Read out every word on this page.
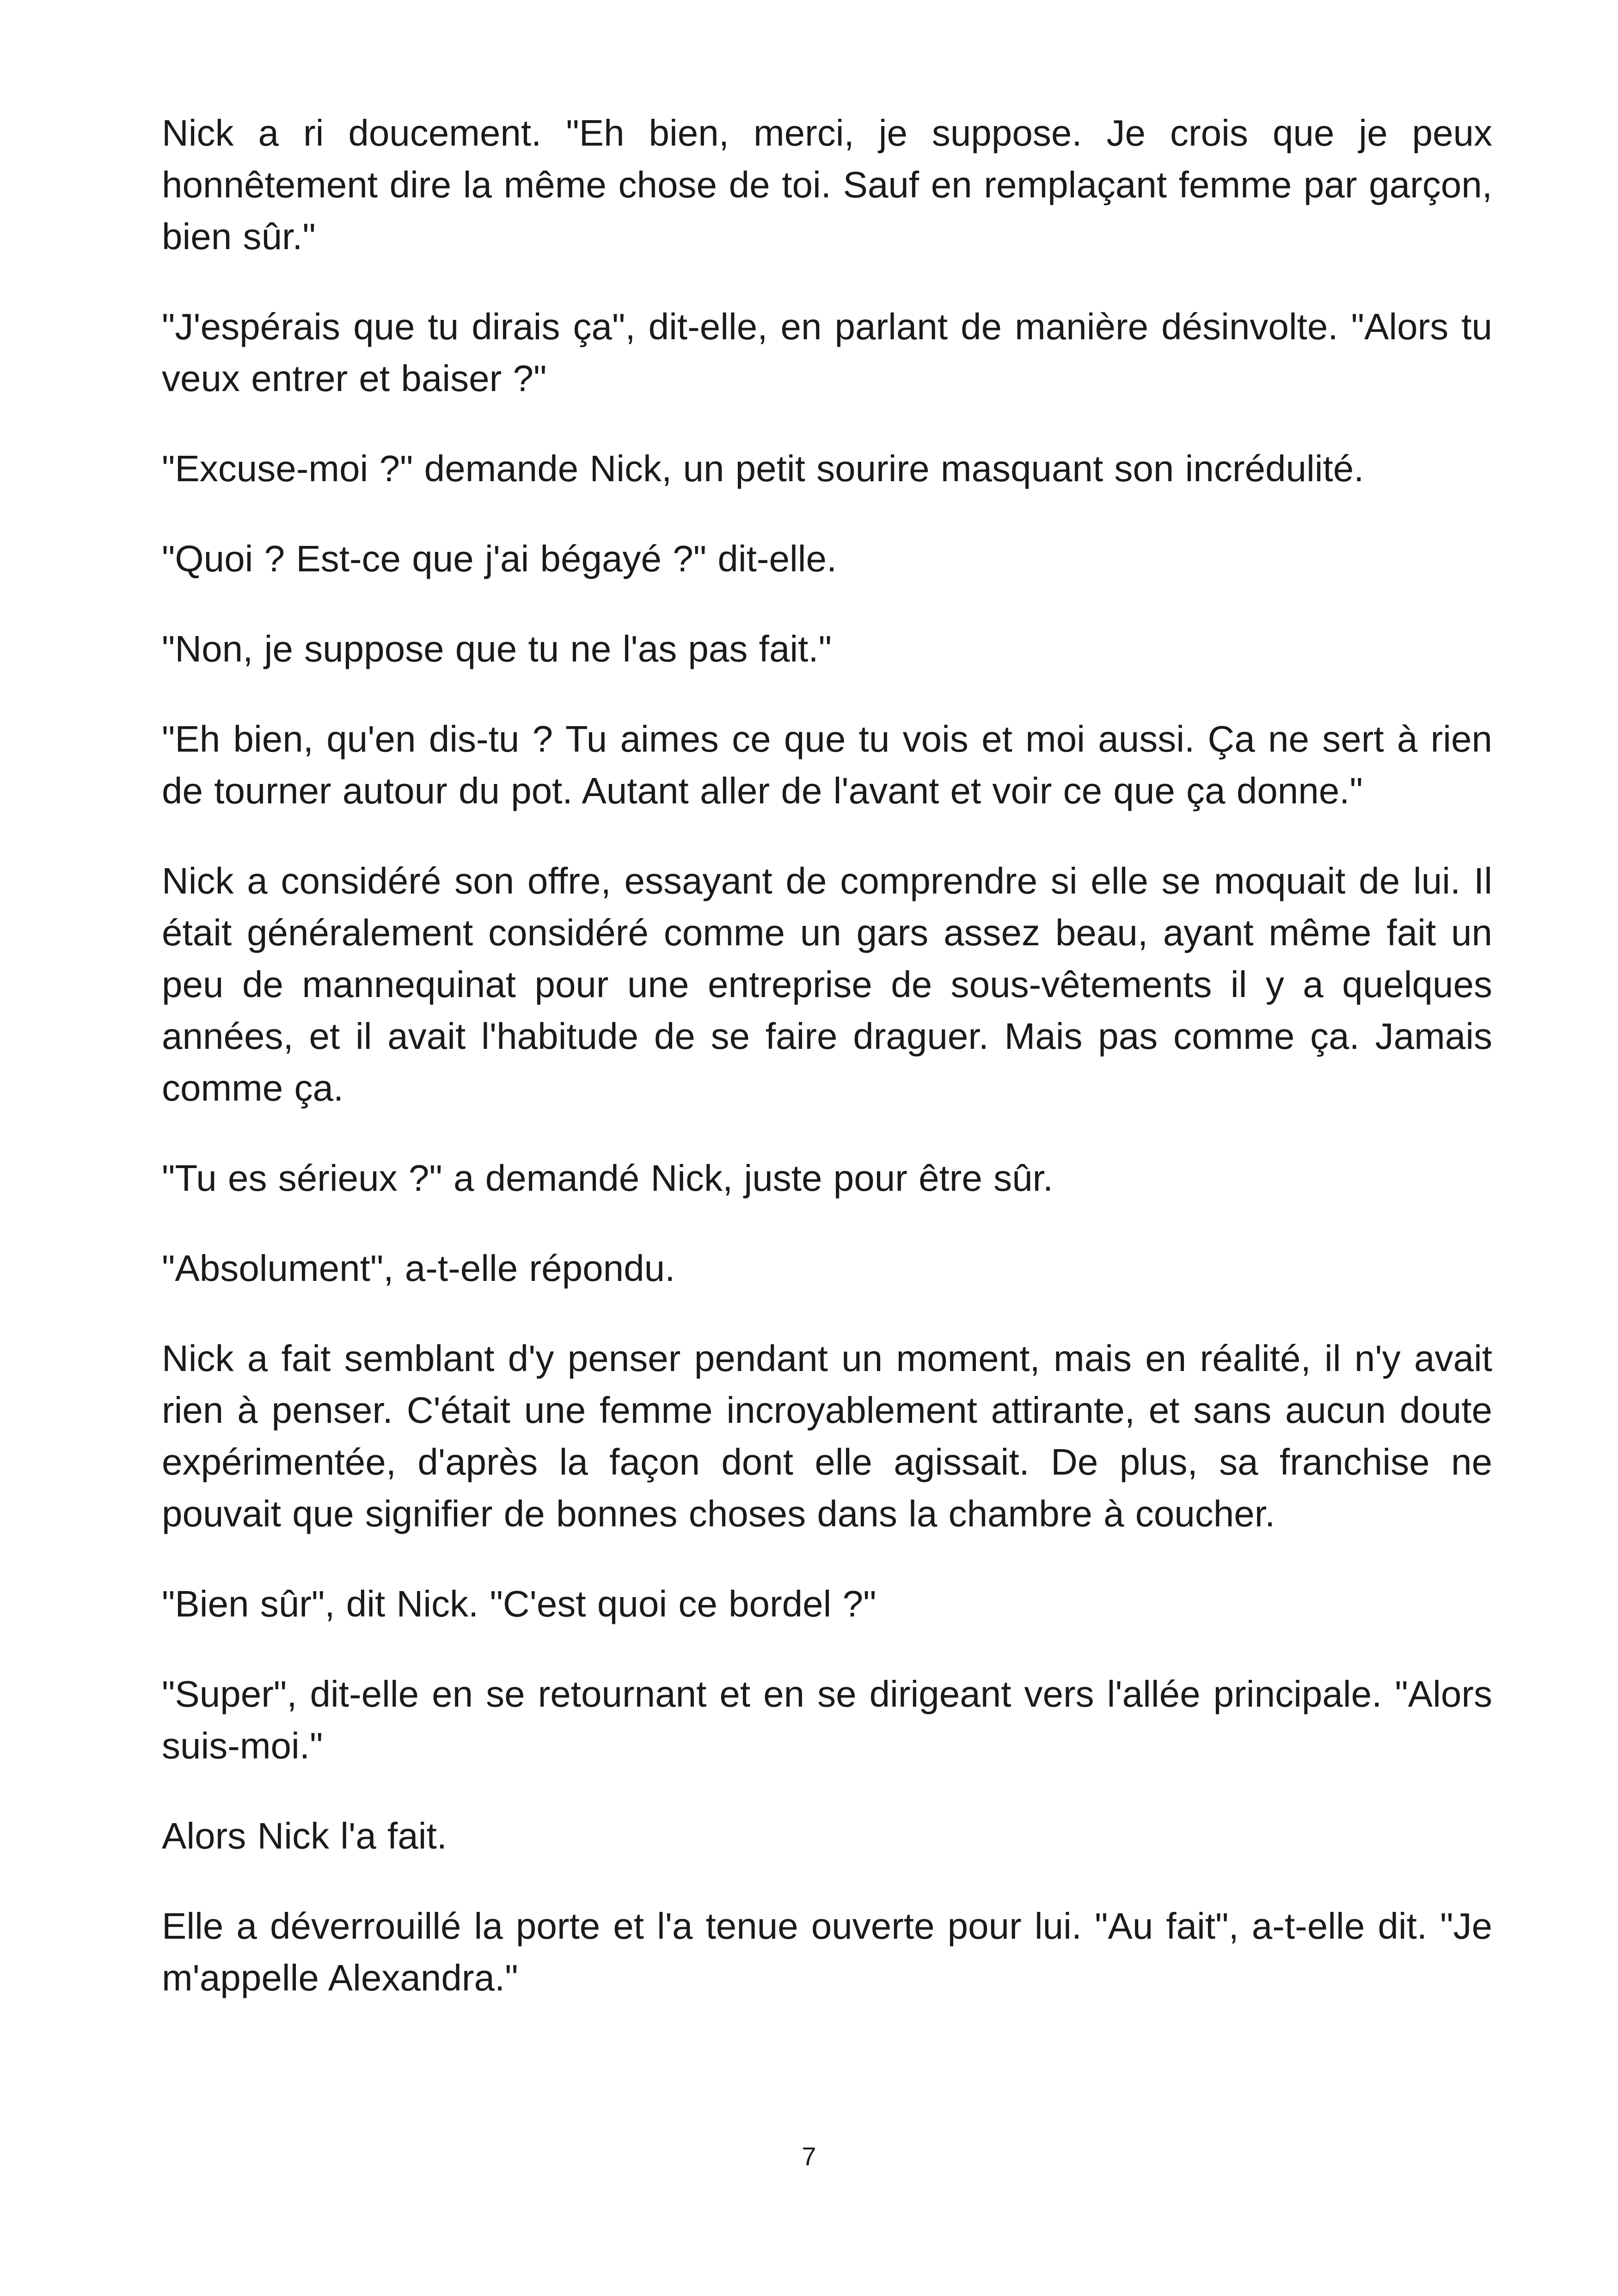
Nick a ri doucement. "Eh bien, merci, je suppose. Je crois que je peux honnêtement dire la même chose de toi. Sauf en remplaçant femme par garçon, bien sûr."

"J'espérais que tu dirais ça", dit-elle, en parlant de manière désinvolte. "Alors tu veux entrer et baiser ?"

"Excuse-moi ?" demande Nick, un petit sourire masquant son incrédulité.

"Quoi ? Est-ce que j'ai bégayé ?" dit-elle.

"Non, je suppose que tu ne l'as pas fait."

"Eh bien, qu'en dis-tu ? Tu aimes ce que tu vois et moi aussi. Ça ne sert à rien de tourner autour du pot. Autant aller de l'avant et voir ce que ça donne."

Nick a considéré son offre, essayant de comprendre si elle se moquait de lui. Il était généralement considéré comme un gars assez beau, ayant même fait un peu de mannequinat pour une entreprise de sous-vêtements il y a quelques années, et il avait l'habitude de se faire draguer. Mais pas comme ça. Jamais comme ça.

"Tu es sérieux ?" a demandé Nick, juste pour être sûr.

"Absolument", a-t-elle répondu.

Nick a fait semblant d'y penser pendant un moment, mais en réalité, il n'y avait rien à penser. C'était une femme incroyablement attirante, et sans aucun doute expérimentée, d'après la façon dont elle agissait. De plus, sa franchise ne pouvait que signifier de bonnes choses dans la chambre à coucher.

"Bien sûr", dit Nick. "C'est quoi ce bordel ?"

"Super", dit-elle en se retournant et en se dirigeant vers l'allée principale. "Alors suis-moi."

Alors Nick l'a fait.

Elle a déverrouillé la porte et l'a tenue ouverte pour lui. "Au fait", a-t-elle dit. "Je m'appelle Alexandra."

7
